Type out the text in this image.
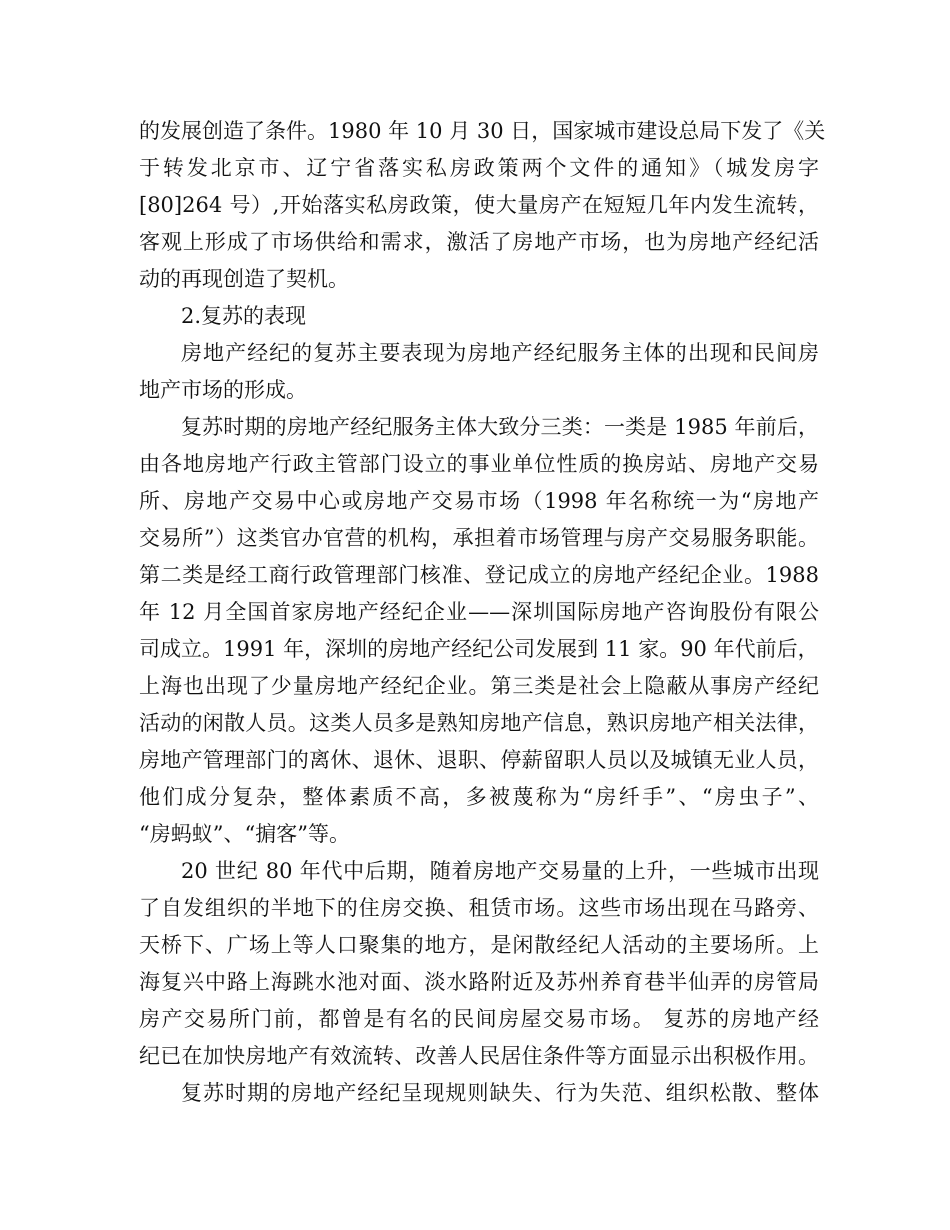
的发展创造了条件。1980 年 10 月 30 日，国家城市建设总局下发了《关
于转发北京市、辽宁省落实私房政策两个文件的通知》（城发房字
[80]264 号）,开始落实私房政策，使大量房产在短短几年内发生流转，
客观上形成了市场供给和需求，激活了房地产市场，也为房地产经纪活
动的再现创造了契机。
2.复苏的表现
房地产经纪的复苏主要表现为房地产经纪服务主体的出现和民间房
地产市场的形成。
复苏时期的房地产经纪服务主体大致分三类：一类是 1985 年前后，
由各地房地产行政主管部门设立的事业单位性质的换房站、房地产交易
所、房地产交易中心或房地产交易市场（1998 年名称统一为“房地产
交易所”）这类官办官营的机构，承担着市场管理与房产交易服务职能。
第二类是经工商行政管理部门核准、登记成立的房地产经纪企业。1988
年 12 月全国首家房地产经纪企业——深圳国际房地产咨询股份有限公
司成立。1991 年，深圳的房地产经纪公司发展到 11 家。90 年代前后，
上海也出现了少量房地产经纪企业。第三类是社会上隐蔽从事房产经纪
活动的闲散人员。这类人员多是熟知房地产信息，熟识房地产相关法律，
房地产管理部门的离休、退休、退职、停薪留职人员以及城镇无业人员，
他们成分复杂，整体素质不高，多被蔑称为“房纤手”、“房虫子”、
“房蚂蚁”、“掮客”等。
20 世纪 80 年代中后期，随着房地产交易量的上升，一些城市出现
了自发组织的半地下的住房交换、租赁市场。这些市场出现在马路旁、
天桥下、广场上等人口聚集的地方，是闲散经纪人活动的主要场所。上
海复兴中路上海跳水池对面、淡水路附近及苏州养育巷半仙弄的房管局
房产交易所门前，都曾是有名的民间房屋交易市场。 复苏的房地产经
纪已在加快房地产有效流转、改善人民居住条件等方面显示出积极作用。
复苏时期的房地产经纪呈现规则缺失、行为失范、组织松散、整体
